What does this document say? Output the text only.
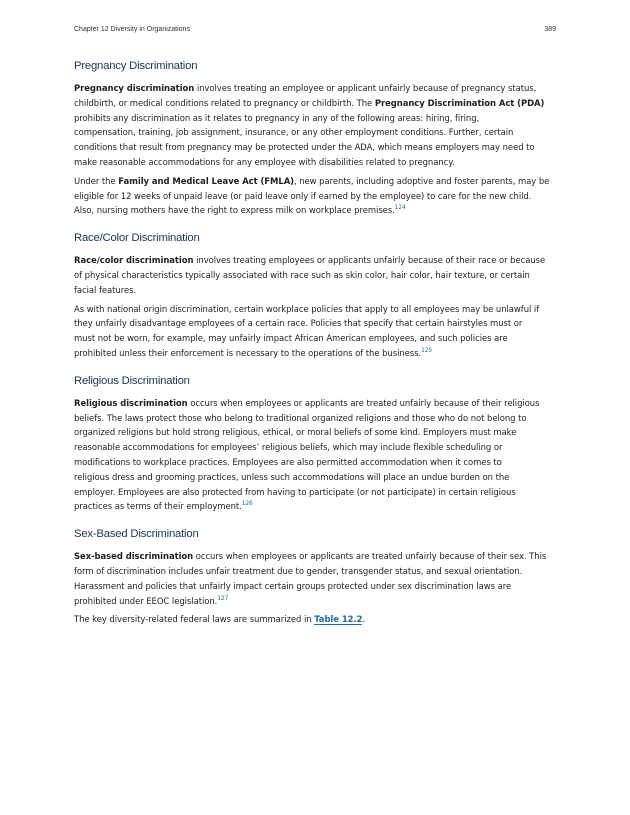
Chapter 12 Diversity in Organizations	389
Pregnancy Discrimination

Pregnancy discrimination involves treating an employee or applicant unfairly because of pregnancy status,
childbirth, or medical conditions related to pregnancy or childbirth. The Pregnancy Discrimination Act (PDA)
prohibits any discrimination as it relates to pregnancy in any of the following areas: hiring, firing,
compensation, training, job assignment, insurance, or any other employment conditions. Further, certain
conditions that result from pregnancy may be protected under the ADA, which means employers may need to
make reasonable accommodations for any employee with disabilities related to pregnancy.

Under the Family and Medical Leave Act (FMLA), new parents, including adoptive and foster parents, may be
eligible for 12 weeks of unpaid leave (or paid leave only if earned by the employee) to care for the new child.
Also, nursing mothers have the right to express milk on workplace premises.$^{124}$

Race/Color Discrimination

Race/color discrimination involves treating employees or applicants unfairly because of their race or because
of physical characteristics typically associated with race such as skin color, hair color, hair texture, or certain
facial features.

As with national origin discrimination, certain workplace policies that apply to all employees may be unlawful if
they unfairly disadvantage employees of a certain race. Policies that specify that certain hairstyles must or
must not be worn, for example, may unfairly impact African American employees, and such policies are
prohibited unless their enforcement is necessary to the operations of the business.$^{125}$

Religious Discrimination

Religious discrimination occurs when employees or applicants are treated unfairly because of their religious
beliefs. The laws protect those who belong to traditional organized religions and those who do not belong to
organized religions but hold strong religious, ethical, or moral beliefs of some kind. Employers must make
reasonable accommodations for employees’ religious beliefs, which may include flexible scheduling or
modifications to workplace practices. Employees are also permitted accommodation when it comes to
religious dress and grooming practices, unless such accommodations will place an undue burden on the
employer. Employees are also protected from having to participate (or not participate) in certain religious
practices as terms of their employment.$^{126}$

Sex-Based Discrimination

Sex-based discrimination occurs when employees or applicants are treated unfairly because of their sex. This
form of discrimination includes unfair treatment due to gender, transgender status, and sexual orientation.
Harassment and policies that unfairly impact certain groups protected under sex discrimination laws are
prohibited under EEOC legislation.$^{127}$

The key diversity-related federal laws are summarized in Table 12.2.
